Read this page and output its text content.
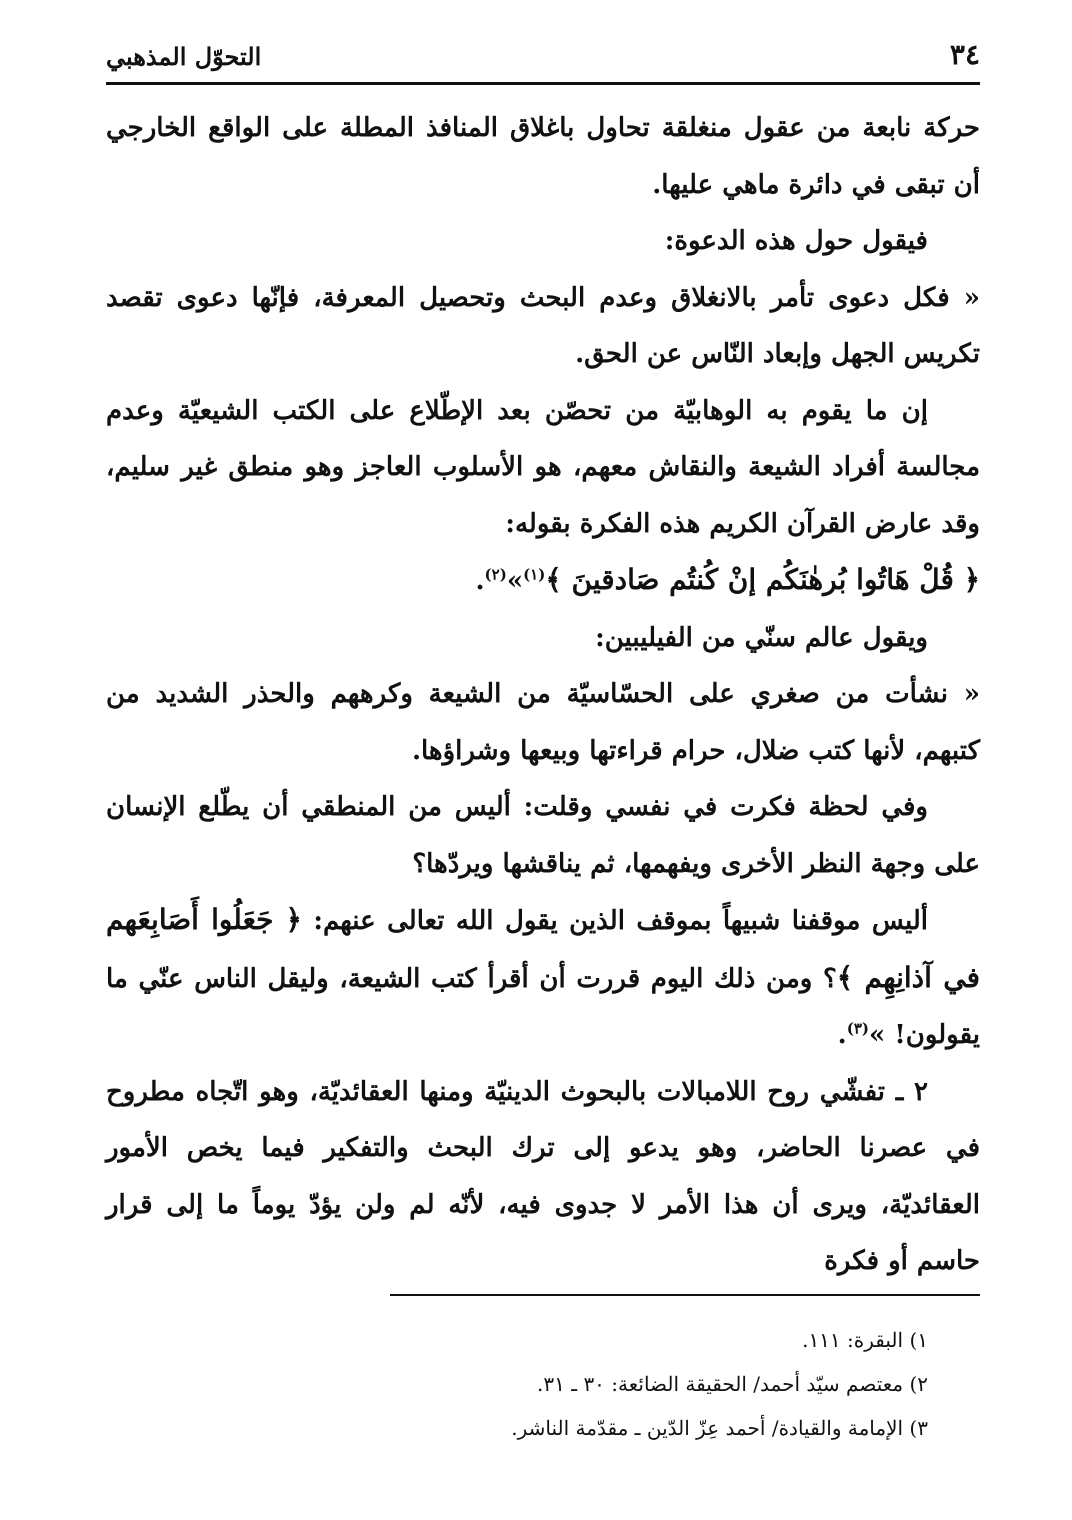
٣٤
التحوّل المذهبي

حركة نابعة من عقول منغلقة تحاول باغلاق المنافذ المطلة على الواقع الخارجي أن تبقى في دائرة ماهي عليها.

فيقول حول هذه الدعوة:

« فكل دعوى تأمر بالانغلاق وعدم البحث وتحصيل المعرفة، فإنّها دعوى تقصد تكريس الجهل وإبعاد النّاس عن الحق.

إن ما يقوم به الوهابيّة من تحصّن بعد الإطّلاع على الكتب الشيعيّة وعدم مجالسة أفراد الشيعة والنقاش معهم، هو الأسلوب العاجز وهو منطق غير سليم، وقد عارض القرآن الكريم هذه الفكرة بقوله:

﴿ قُلْ هَاتُوا بُرهٰنَكُم إنْ كُنتُم صَادقينَ ﴾$^{(١)}$»$^{(٢)}$.

ويقول عالم سنّي من الفيليبين:

« نشأت من صغري على الحسّاسيّة من الشيعة وكرههم والحذر الشديد من كتبهم، لأنها كتب ضلال، حرام قراءتها وبيعها وشراؤها.

وفي لحظة فكرت في نفسي وقلت: أليس من المنطقي أن يطّلع الإنسان على وجهة النظر الأخرى ويفهمها، ثم يناقشها ويردّها؟

أليس موقفنا شبيهاً بموقف الذين يقول الله تعالى عنهم: ﴿ جَعَلُوا أَصَابِعَهم في آذانِهِم ﴾؟ ومن ذلك اليوم قررت أن أقرأ كتب الشيعة، وليقل الناس عنّي ما يقولون! »$^{(٣)}$.

٢ ـ تفشّي روح اللامبالات بالبحوث الدينيّة ومنها العقائديّة، وهو اتّجاه مطروح في عصرنا الحاضر، وهو يدعو إلى ترك البحث والتفكير فيما يخص الأمور العقائديّة، ويرى أن هذا الأمر لا جدوى فيه، لأنّه لم ولن يؤدّ يوماً ما إلى قرار حاسم أو فكرة

١) البقرة: ١١١.

٢) معتصم سيّد أحمد/ الحقيقة الضائعة: ٣٠ ـ ٣١.

٣) الإمامة والقيادة/ أحمد عِزّ الدّين ـ مقدّمة الناشر.
